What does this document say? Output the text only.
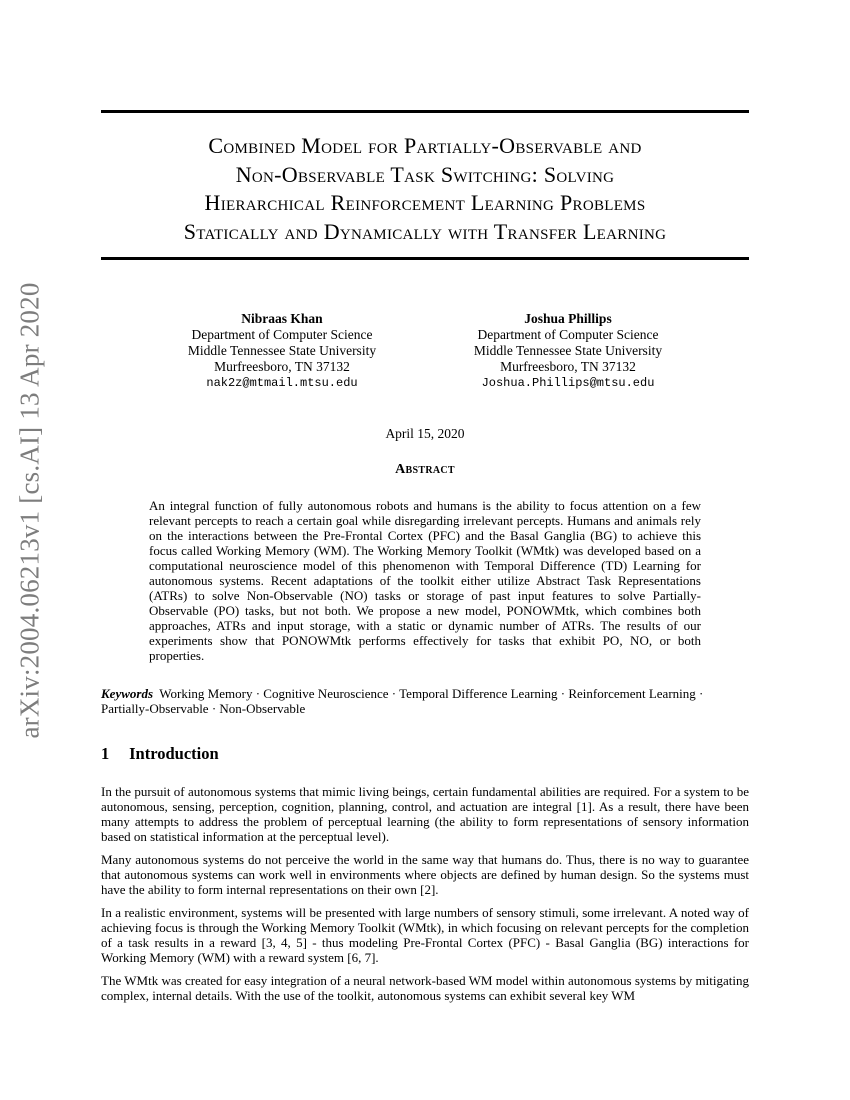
arXiv:2004.06213v1 [cs.AI] 13 Apr 2020
Combined Model for Partially-Observable and
Non-Observable Task Switching: Solving
Hierarchical Reinforcement Learning Problems
Statically and Dynamically with Transfer Learning
Nibraas Khan
Department of Computer Science
Middle Tennessee State University
Murfreesboro, TN 37132
nak2z@mtmail.mtsu.edu
Joshua Phillips
Department of Computer Science
Middle Tennessee State University
Murfreesboro, TN 37132
Joshua.Phillips@mtsu.edu
April 15, 2020
Abstract

An integral function of fully autonomous robots and humans is the ability to focus attention on a few relevant percepts to reach a certain goal while disregarding irrelevant percepts. Humans and animals rely on the interactions between the Pre-Frontal Cortex (PFC) and the Basal Ganglia (BG) to achieve this focus called Working Memory (WM). The Working Memory Toolkit (WMtk) was developed based on a computational neuroscience model of this phenomenon with Temporal Difference (TD) Learning for autonomous systems. Recent adaptations of the toolkit either utilize Abstract Task Representations (ATRs) to solve Non-Observable (NO) tasks or storage of past input features to solve Partially-Observable (PO) tasks, but not both. We propose a new model, PONOWMtk, which combines both approaches, ATRs and input storage, with a static or dynamic number of ATRs. The results of our experiments show that PONOWMtk performs effectively for tasks that exhibit PO, NO, or both properties.

Keywords Working Memory · Cognitive Neuroscience · Temporal Difference Learning · Reinforcement Learning · Partially-Observable · Non-Observable

1 Introduction

In the pursuit of autonomous systems that mimic living beings, certain fundamental abilities are required. For a system to be autonomous, sensing, perception, cognition, planning, control, and actuation are integral [1]. As a result, there have been many attempts to address the problem of perceptual learning (the ability to form representations of sensory information based on statistical information at the perceptual level).

Many autonomous systems do not perceive the world in the same way that humans do. Thus, there is no way to guarantee that autonomous systems can work well in environments where objects are defined by human design. So the systems must have the ability to form internal representations on their own [2].

In a realistic environment, systems will be presented with large numbers of sensory stimuli, some irrelevant. A noted way of achieving focus is through the Working Memory Toolkit (WMtk), in which focusing on relevant percepts for the completion of a task results in a reward [3, 4, 5] - thus modeling Pre-Frontal Cortex (PFC) - Basal Ganglia (BG) interactions for Working Memory (WM) with a reward system [6, 7].

The WMtk was created for easy integration of a neural network-based WM model within autonomous systems by mitigating complex, internal details. With the use of the toolkit, autonomous systems can exhibit several key WM
